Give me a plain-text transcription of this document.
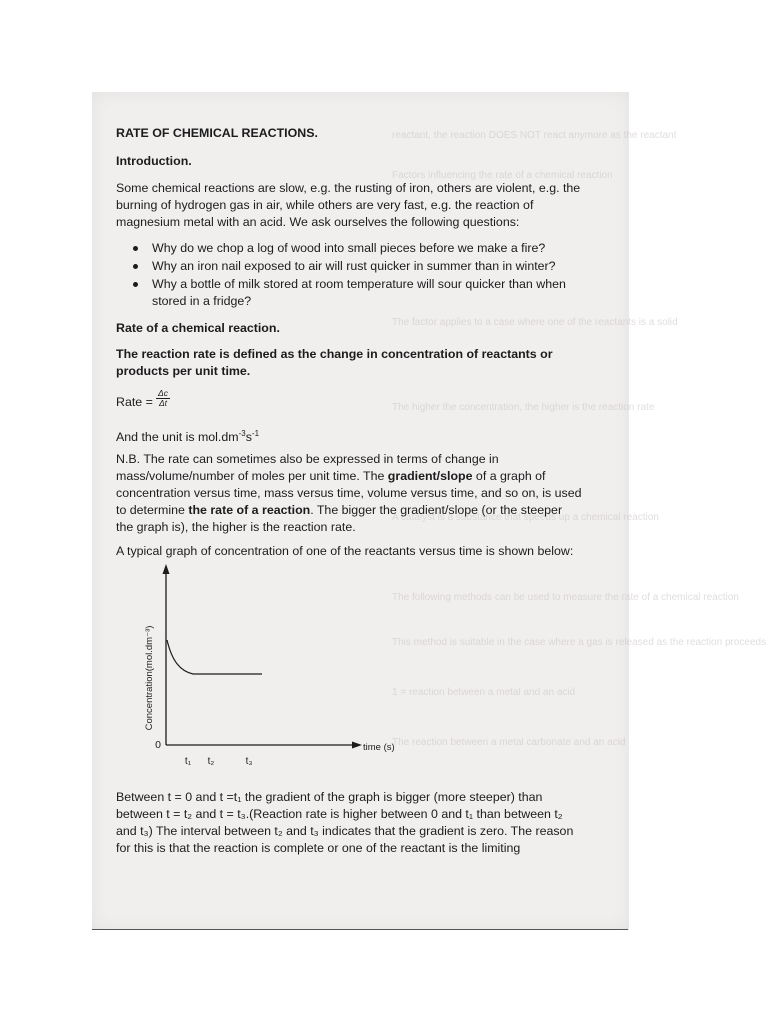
reactant, the reaction DOES NOT react anymore as the reactant
Factors influencing the rate of a chemical reaction
The factor applies to a case where one of the reactants is a solid
The higher the concentration, the higher is the reaction rate
A catalyst is a substance that speeds up a chemical reaction
The following methods can be used to measure the rate of a chemical reaction
This method is suitable in the case where a gas is released as the reaction proceeds
1 = reaction between a metal and an acid
The reaction between a metal carbonate and an acid
RATE OF CHEMICAL REACTIONS.
Introduction.
Some chemical reactions are slow, e.g. the rusting of iron, others are violent, e.g. the
burning of hydrogen gas in air, while others are very fast, e.g. the reaction of
magnesium metal with an acid. We ask ourselves the following questions:
Why do we chop a log of wood into small pieces before we make a fire?
Why an iron nail exposed to air will rust quicker in summer than in winter?
Why a bottle of milk stored at room temperature will sour quicker than when
stored in a fridge?
Rate of a chemical reaction.
The reaction rate is defined as the change in concentration of reactants or
products per unit time.
Rate = $\frac{\Delta c}{\Delta t}$
And the unit is $mol.dm^{-3}s^{-1}$
N.B. The rate can sometimes also be expressed in terms of change in
mass/volume/number of moles per unit time. The gradient/slope of a graph of
concentration versus time, mass versus time, volume versus time, and so on, is used
to determine the rate of a reaction. The bigger the gradient/slope (or the steeper
the graph is), the higher is the reaction rate.
A typical graph of concentration of one of the reactants versus time is shown below:
Concentration(mol.dm⁻³)
0	time (s)
t₁ t₂	t₃
Between t = 0 and t =t₁ the gradient of the graph is bigger (more steeper) than
between t = t₂ and t = t₃.(Reaction rate is higher between 0 and t₁ than between t₂
and t₃) The interval between t₂ and t₃ indicates that the gradient is zero. The reason
for this is that the reaction is complete or one of the reactant is the limiting
